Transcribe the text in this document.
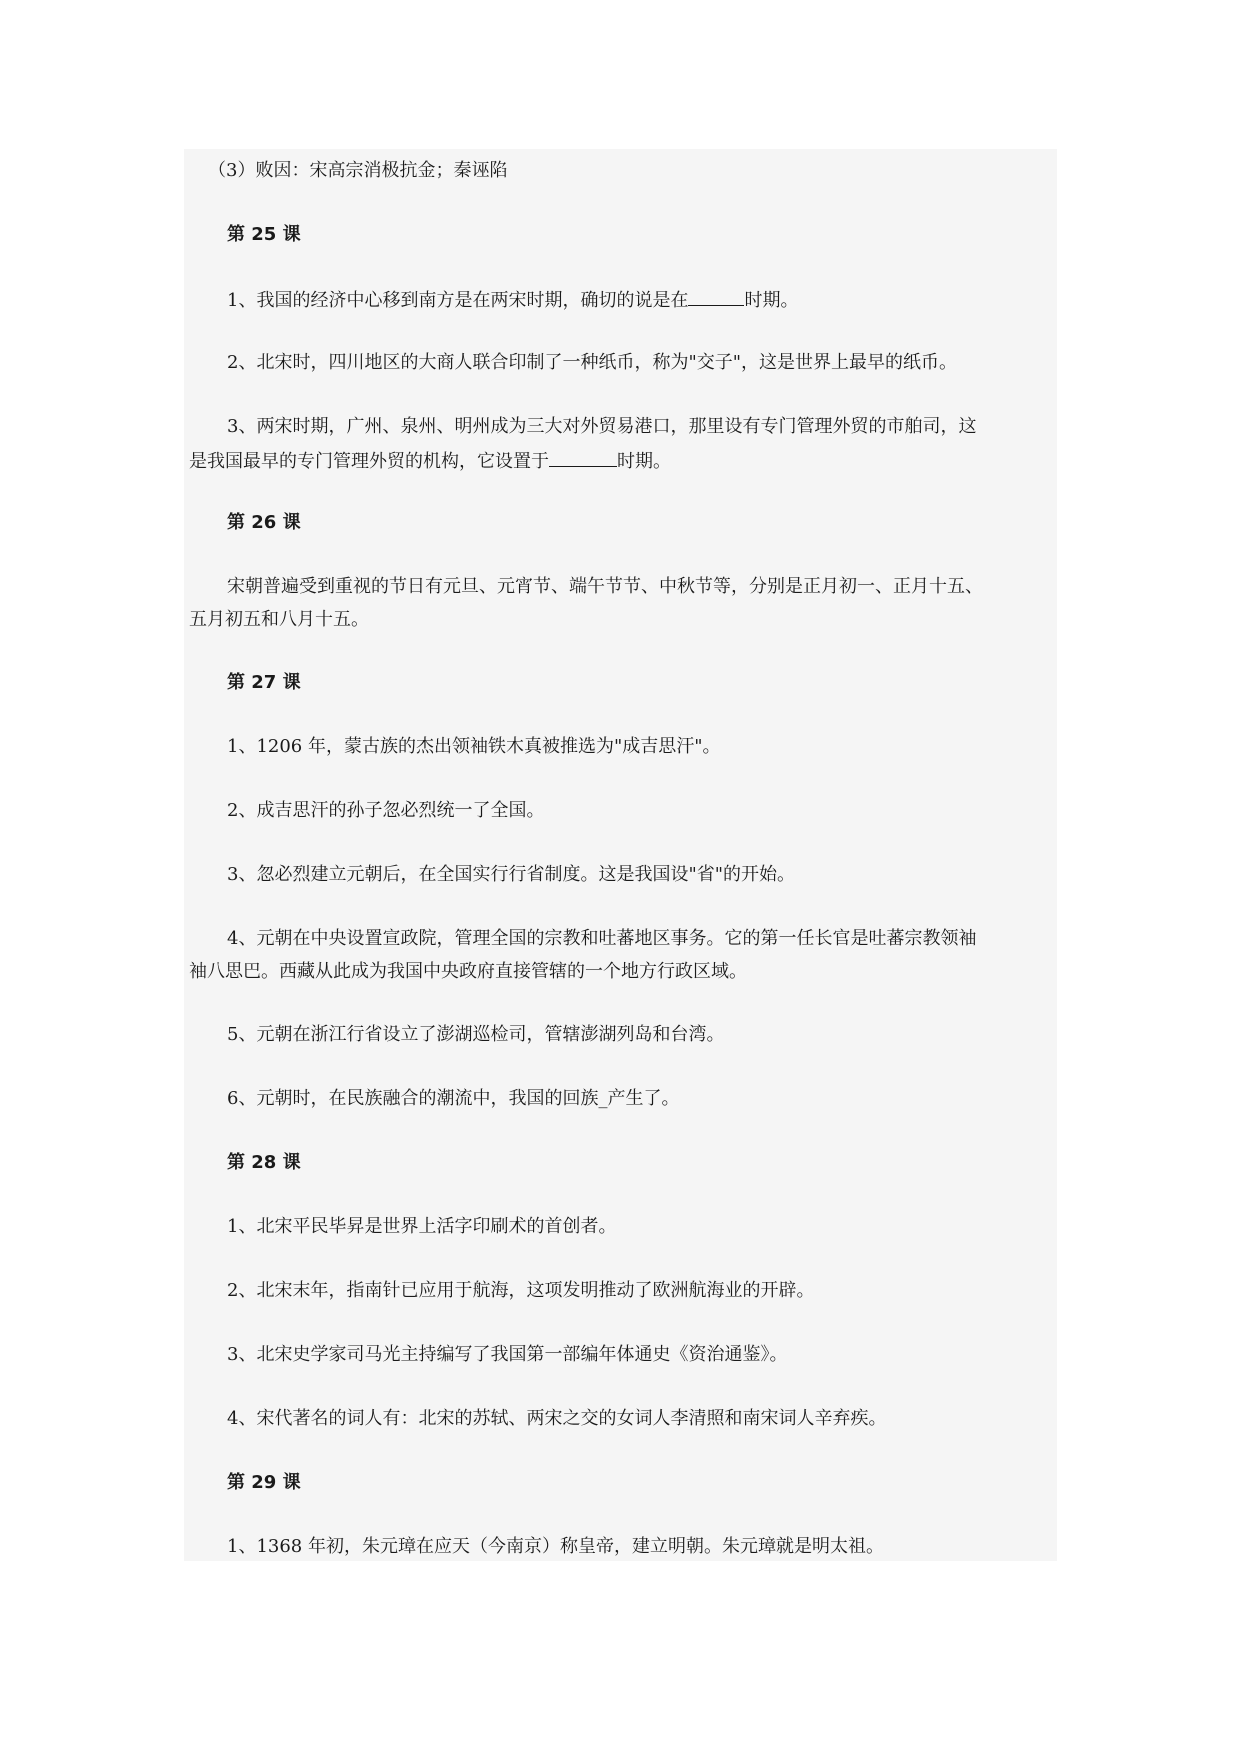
（3）败因：宋高宗消极抗金；秦诬陷
第 25 课
1、我国的经济中心移到南方是在两宋时期，确切的说是在	时期。
2、北宋时，四川地区的大商人联合印制了一种纸币，称为"交子"，这是世界上最早的纸币。
3、两宋时期，广州、泉州、明州成为三大对外贸易港口，那里设有专门管理外贸的市舶司，这
是我国最早的专门管理外贸的机构，它设置于	时期。
第 26 课
宋朝普遍受到重视的节日有元旦、元宵节、端午节节、中秋节等，分别是正月初一、正月十五、
五月初五和八月十五。
第 27 课
1、1206 年，蒙古族的杰出领袖铁木真被推选为"成吉思汗"。
2、成吉思汗的孙子忽必烈统一了全国。
3、忽必烈建立元朝后，在全国实行行省制度。这是我国设"省"的开始。
4、元朝在中央设置宣政院，管理全国的宗教和吐蕃地区事务。它的第一任长官是吐蕃宗教领袖
袖八思巴。西藏从此成为我国中央政府直接管辖的一个地方行政区域。
5、元朝在浙江行省设立了澎湖巡检司，管辖澎湖列岛和台湾。
6、元朝时，在民族融合的潮流中，我国的回族_产生了。
第 28 课
1、北宋平民毕昇是世界上活字印刷术的首创者。
2、北宋末年，指南针已应用于航海，这项发明推动了欧洲航海业的开辟。
3、北宋史学家司马光主持编写了我国第一部编年体通史《资治通鉴》。
4、宋代著名的词人有：北宋的苏轼、两宋之交的女词人李清照和南宋词人辛弃疾。
第 29 课
1、1368 年初，朱元璋在应天（今南京）称皇帝，建立明朝。朱元璋就是明太祖。
